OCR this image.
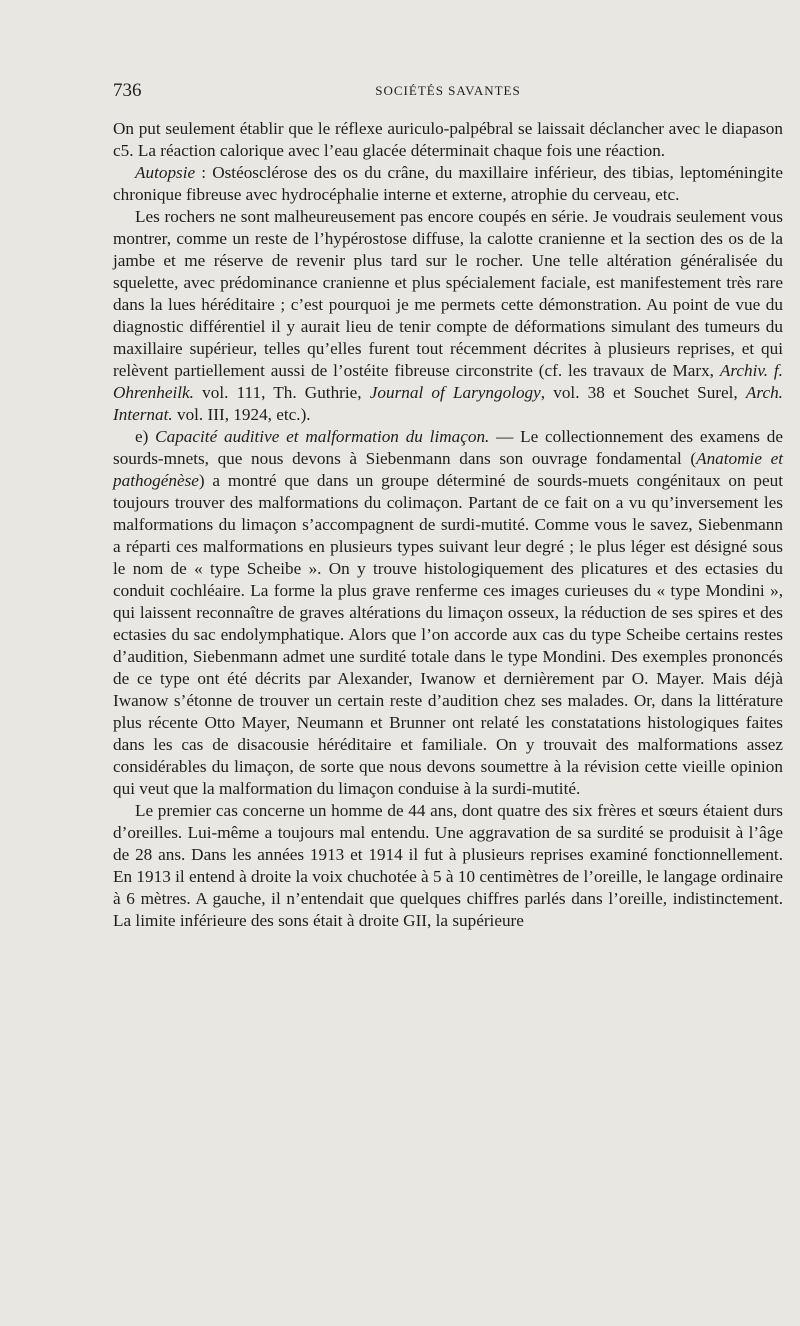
736	SOCIÉTÉS SAVANTES

On put seulement établir que le réflexe auriculo-palpébral se laissait déclancher avec le diapason c5. La réaction calorique avec l’eau glacée déterminait chaque fois une réaction.

Autopsie : Ostéosclérose des os du crâne, du maxillaire inférieur, des tibias, leptoméningite chronique fibreuse avec hydrocéphalie interne et externe, atrophie du cerveau, etc.

Les rochers ne sont malheureusement pas encore coupés en série. Je voudrais seulement vous montrer, comme un reste de l’hypérostose diffuse, la calotte cranienne et la section des os de la jambe et me réserve de revenir plus tard sur le rocher. Une telle altération généralisée du squelette, avec prédominance cranienne et plus spécialement faciale, est manifestement très rare dans la lues héréditaire ; c’est pourquoi je me permets cette démonstration. Au point de vue du diagnostic différentiel il y aurait lieu de tenir compte de déformations simulant des tumeurs du maxillaire supérieur, telles qu’elles furent tout récemment décrites à plusieurs reprises, et qui relèvent partiellement aussi de l’ostéite fibreuse circonstrite (cf. les travaux de Marx, Archiv. f. Ohrenheilk. vol. 111, Th. Guthrie, Journal of Laryngology, vol. 38 et Souchet Surel, Arch. Internat. vol. III, 1924, etc.).

e) Capacité auditive et malformation du limaçon. — Le collectionnement des examens de sourds-mnets, que nous devons à Siebenmann dans son ouvrage fondamental (Anatomie et pathogénèse) a montré que dans un groupe déterminé de sourds-muets congénitaux on peut toujours trouver des malformations du colimaçon. Partant de ce fait on a vu qu’inversement les malformations du limaçon s’accompagnent de surdi-mutité. Comme vous le savez, Siebenmann a réparti ces malformations en plusieurs types suivant leur degré ; le plus léger est désigné sous le nom de « type Scheibe ». On y trouve histologiquement des plicatures et des ectasies du conduit cochléaire. La forme la plus grave renferme ces images curieuses du « type Mondini », qui laissent reconnaître de graves altérations du limaçon osseux, la réduction de ses spires et des ectasies du sac endolymphatique. Alors que l’on accorde aux cas du type Scheibe certains restes d’audition, Siebenmann admet une surdité totale dans le type Mondini. Des exemples prononcés de ce type ont été décrits par Alexander, Iwanow et dernièrement par O. Mayer. Mais déjà Iwanow s’étonne de trouver un certain reste d’audition chez ses malades. Or, dans la littérature plus récente Otto Mayer, Neumann et Brunner ont relaté les constatations histologiques faites dans les cas de disacousie héréditaire et familiale. On y trouvait des malformations assez considérables du limaçon, de sorte que nous devons soumettre à la révision cette vieille opinion qui veut que la malformation du limaçon conduise à la surdi-mutité.

Le premier cas concerne un homme de 44 ans, dont quatre des six frères et sœurs étaient durs d’oreilles. Lui-même a toujours mal entendu. Une aggravation de sa surdité se produisit à l’âge de 28 ans. Dans les années 1913 et 1914 il fut à plusieurs reprises examiné fonctionnellement. En 1913 il entend à droite la voix chuchotée à 5 à 10 centimètres de l’oreille, le langage ordinaire à 6 mètres. A gauche, il n’entendait que quelques chiffres parlés dans l’oreille, indistinctement. La limite inférieure des sons était à droite GII, la supérieure
